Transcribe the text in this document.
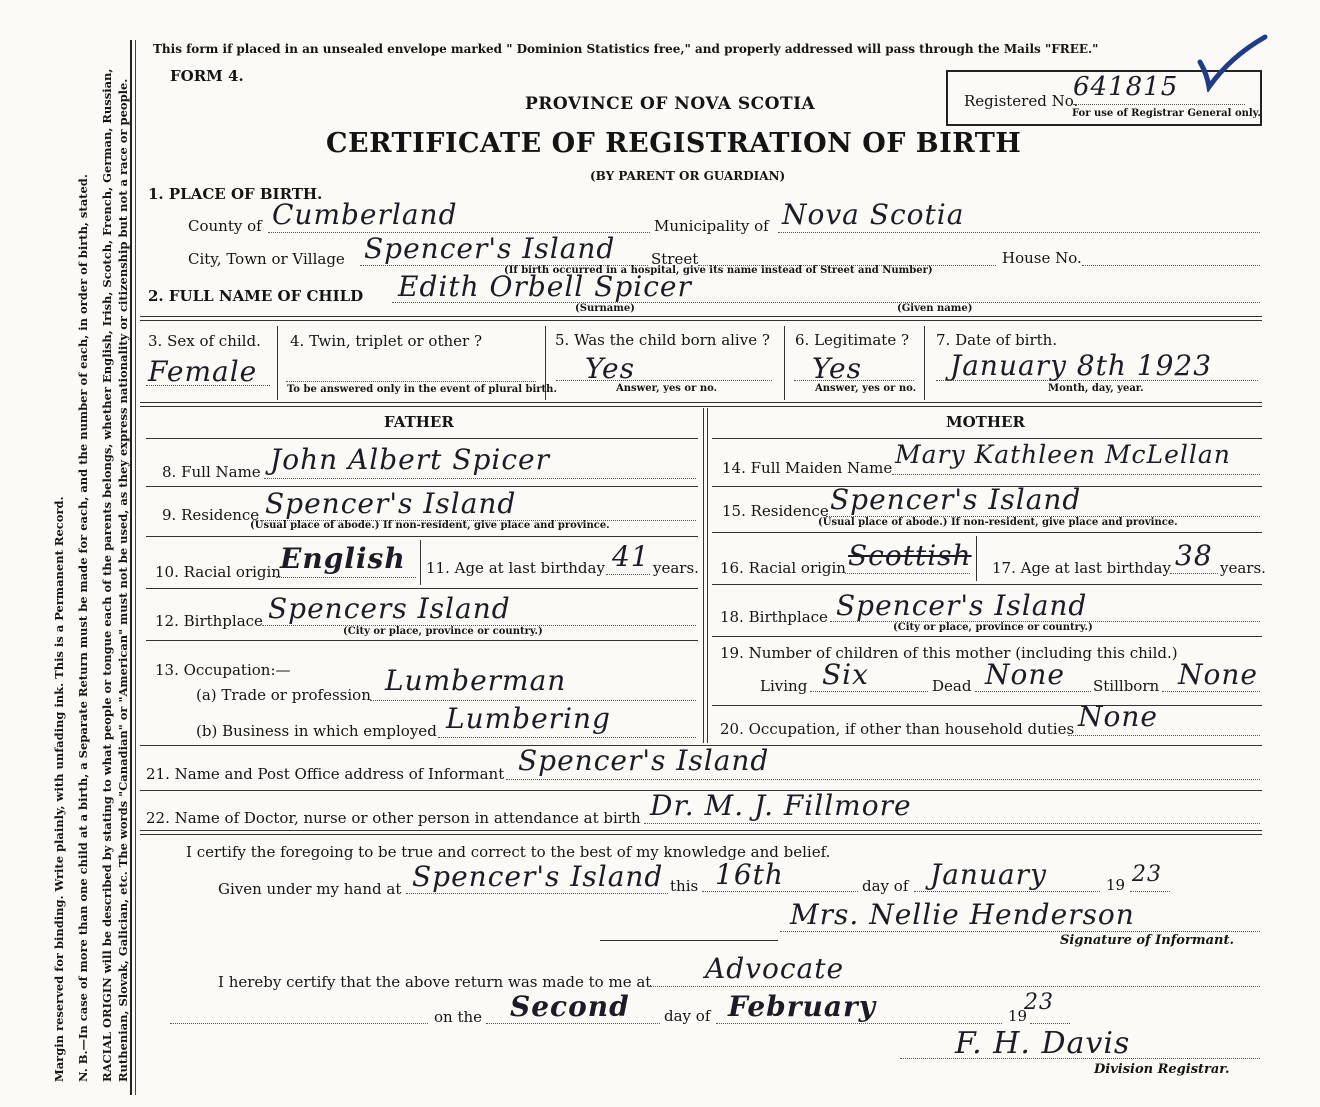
Margin reserved for binding. Write plainly, with unfading ink. This is a Permanent Record. N. B.—In case of more than one child at a birth, a Separate Return must be made for each, and the number of each, in order of birth, stated. RACIAL ORIGIN will be described by stating to what people or tongue each of the parents belongs, whether English, Irish, Scotch, French, German, Russian, Ruthenian, Slovak, Galician, etc. The words "Canadian" or "American" must not be used, as they express nationality or citizenship but not a race or people.
This form if placed in an unsealed envelope marked " Dominion Statistics free," and properly addressed will pass through the Mails "FREE."
FORM 4.
PROVINCE OF NOVA SCOTIA
CERTIFICATE OF REGISTRATION OF BIRTH
(BY PARENT OR GUARDIAN)
Registered No.
641815
For use of Registrar General only.
1. PLACE OF BIRTH.
County of Cumberland	Municipality of Nova Scotia
City, Town or Village Spencer's Island Street	House No.
(If birth occurred in a hospital, give its name instead of Street and Number)
2. FULL NAME OF CHILD Edith Orbell Spicer
(Surname)	(Given name)
3. Sex of child.
Female
4. Twin, triplet or other ?
To be answered only in the event of plural birth.
5. Was the child born alive ?
Yes
Answer, yes or no.
6. Legitimate ?
Yes
Answer, yes or no.
7. Date of birth.
January 8th 1923
Month, day, year.
FATHER	MOTHER
8. Full Name John Albert Spicer	14. Full Maiden Name Mary Kathleen McLellan
9. Residence Spencer's Island
(Usual place of abode.) If non-resident, give place and province.
15. Residence Spencer's Island
(Usual place of abode.) If non-resident, give place and province.
10. Racial origin English 11. Age at last birthday 41 years. 16. Racial origin Scottish 17. Age at last birthday 38 years.
12. Birthplace Spencers Island
(City or place, province or country.)
18. Birthplace Spencer's Island
(City or place, province or country.)
13. Occupation:—
(a) Trade or profession Lumberman
(b) Business in which employed Lumbering
19. Number of children of this mother (including this child.)
Living Six	Dead None Stillborn None
20. Occupation, if other than household duties None
21. Name and Post Office address of Informant Spencer's Island
22. Name of Doctor, nurse or other person in attendance at birth Dr. M. J. Fillmore
I certify the foregoing to be true and correct to the best of my knowledge and belief.
Given under my hand at Spencer's Island this 16th	day of January	19 23
Mrs. Nellie Henderson
Signature of Informant.
I hereby certify that the above return was made to me at Advocate
on the Second day of February	19
23
F. H. Davis
Division Registrar.
